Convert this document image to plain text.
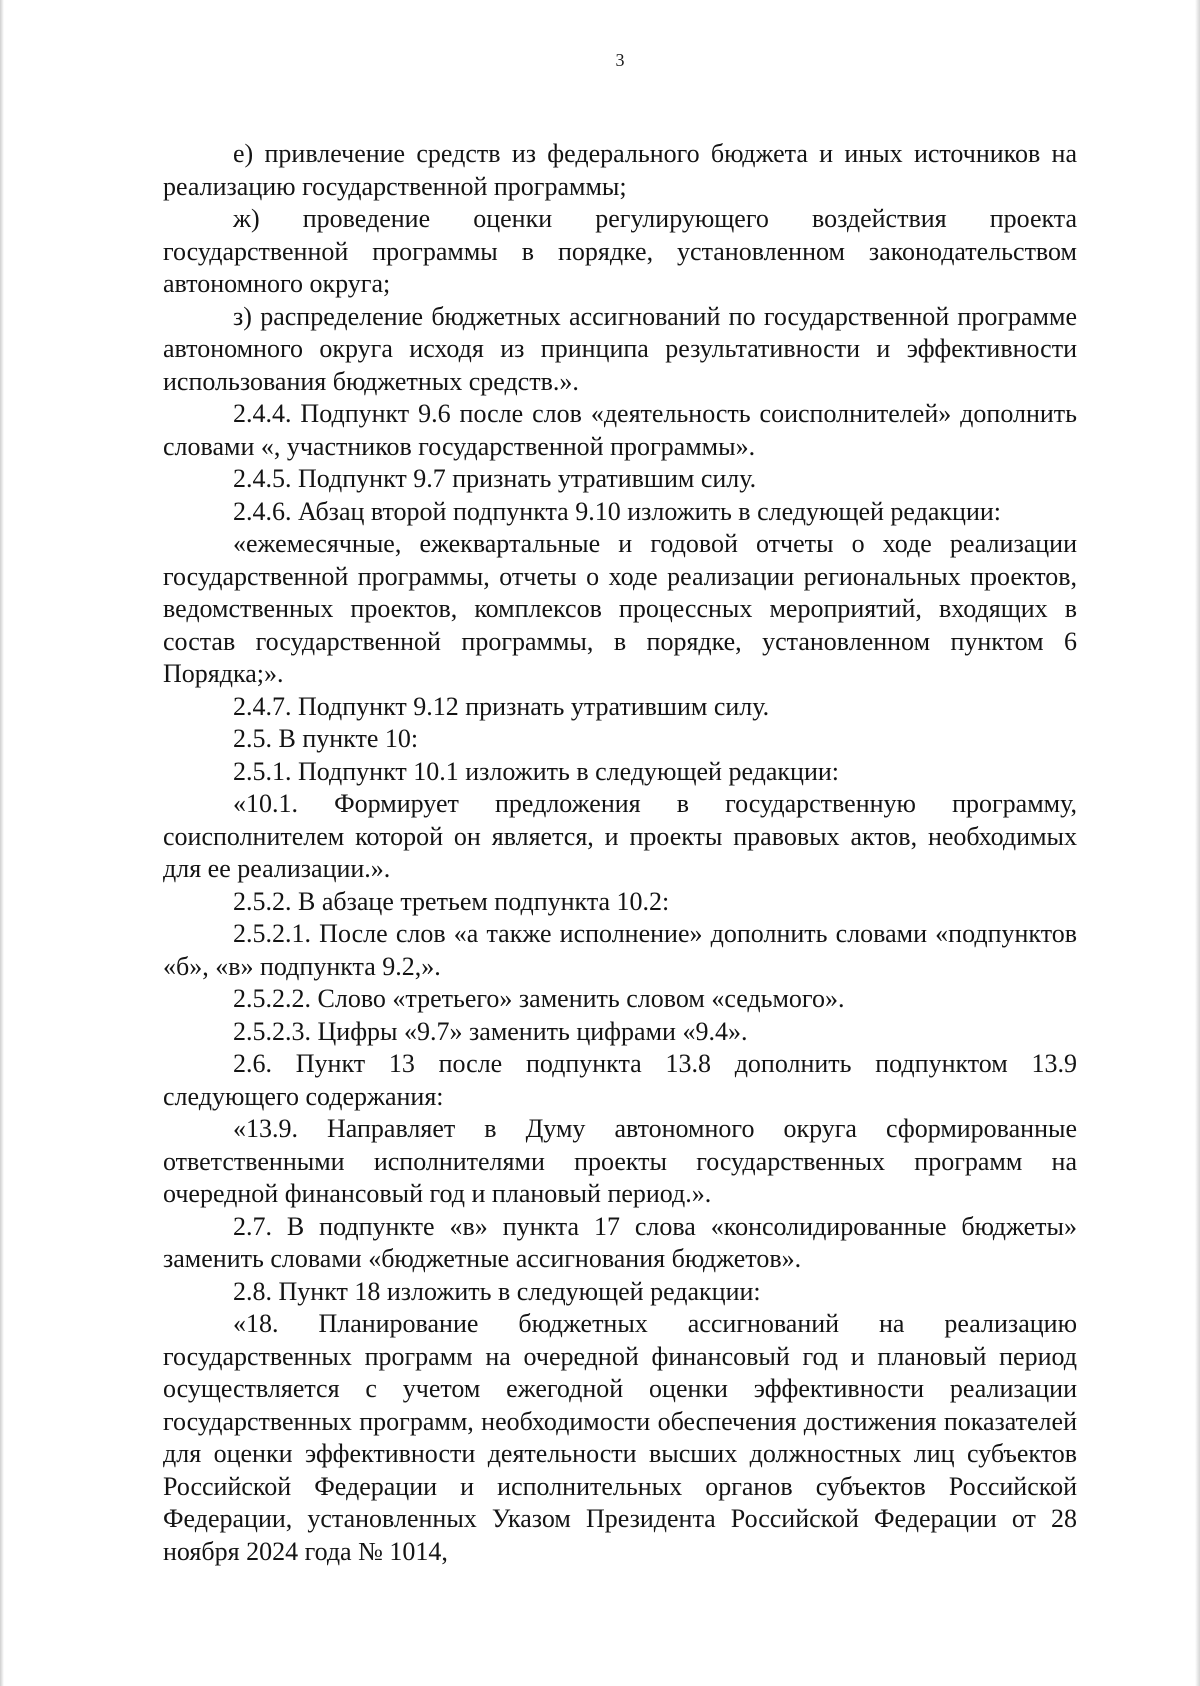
3

е) привлечение средств из федерального бюджета и иных источников на реализацию государственной программы;

ж) проведение оценки регулирующего воздействия проекта государственной программы в порядке, установленном законодательством автономного округа;

з) распределение бюджетных ассигнований по государственной программе автономного округа исходя из принципа результативности и эффективности использования бюджетных средств.».

2.4.4. Подпункт 9.6 после слов «деятельность соисполнителей» дополнить словами «, участников государственной программы».

2.4.5. Подпункт 9.7 признать утратившим силу.

2.4.6. Абзац второй подпункта 9.10 изложить в следующей редакции:

«ежемесячные, ежеквартальные и годовой отчеты о ходе реализации государственной программы, отчеты о ходе реализации региональных проектов, ведомственных проектов, комплексов процессных мероприятий, входящих в состав государственной программы, в порядке, установленном пунктом 6 Порядка;».

2.4.7. Подпункт 9.12 признать утратившим силу.

2.5. В пункте 10:

2.5.1. Подпункт 10.1 изложить в следующей редакции:

«10.1. Формирует предложения в государственную программу, соисполнителем которой он является, и проекты правовых актов, необходимых для ее реализации.».

2.5.2. В абзаце третьем подпункта 10.2:

2.5.2.1. После слов «а также исполнение» дополнить словами «подпунктов «б», «в» подпункта 9.2,».

2.5.2.2. Слово «третьего» заменить словом «седьмого».

2.5.2.3. Цифры «9.7» заменить цифрами «9.4».

2.6. Пункт 13 после подпункта 13.8 дополнить подпунктом 13.9 следующего содержания:

«13.9. Направляет в Думу автономного округа сформированные ответственными исполнителями проекты государственных программ на очередной финансовый год и плановый период.».

2.7. В подпункте «в» пункта 17 слова «консолидированные бюджеты» заменить словами «бюджетные ассигнования бюджетов».

2.8. Пункт 18 изложить в следующей редакции:

«18. Планирование бюджетных ассигнований на реализацию государственных программ на очередной финансовый год и плановый период осуществляется с учетом ежегодной оценки эффективности реализации государственных программ, необходимости обеспечения достижения показателей для оценки эффективности деятельности высших должностных лиц субъектов Российской Федерации и исполнительных органов субъектов Российской Федерации, установленных Указом Президента Российской Федерации от 28 ноября 2024 года № 1014,
